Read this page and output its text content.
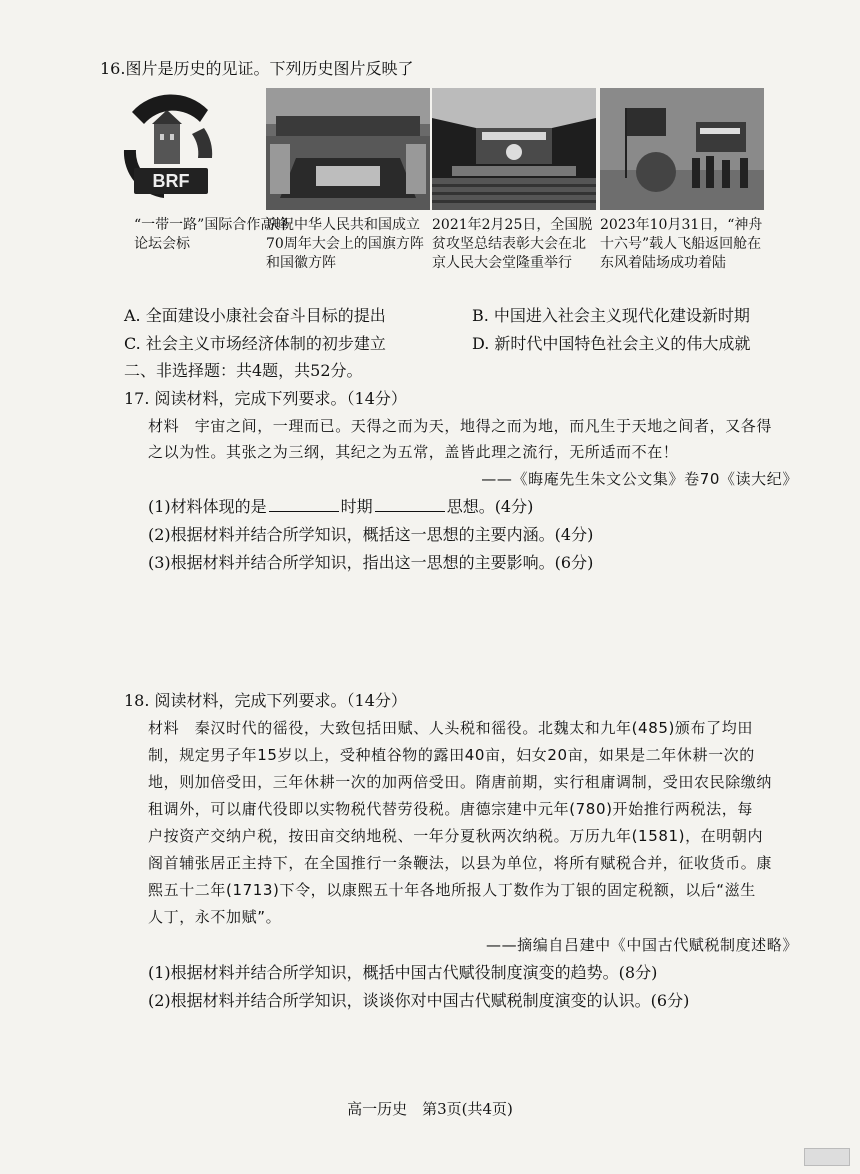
16.图片是历史的见证。下列历史图片反映了
BRF
“一带一路”国际合作高峰论坛会标
庆祝中华人民共和国成立70周年大会上的国旗方阵和国徽方阵
2021年2月25日，全国脱贫攻坚总结表彰大会在北京人民大会堂隆重举行
2023年10月31日，“神舟十六号”载人飞船返回舱在东风着陆场成功着陆
A. 全面建设小康社会奋斗目标的提出	B. 中国进入社会主义现代化建设新时期
C. 社会主义市场经济体制的初步建立	D. 新时代中国特色社会主义的伟大成就
二、非选择题：共4题，共52分。
17. 阅读材料，完成下列要求。（14分）
材料　宇宙之间，一理而已。天得之而为天，地得之而为地，而凡生于天地之间者，又各得
之以为性。其张之为三纲，其纪之为五常，盖皆此理之流行，无所适而不在！
——《晦庵先生朱文公文集》卷70《读大纪》
(1)材料体现的是	时期	思想。(4分)
(2)根据材料并结合所学知识，概括这一思想的主要内涵。(4分)
(3)根据材料并结合所学知识，指出这一思想的主要影响。(6分)
18. 阅读材料，完成下列要求。（14分）
材料　秦汉时代的徭役，大致包括田赋、人头税和徭役。北魏太和九年(485)颁布了均田
制，规定男子年15岁以上，受种植谷物的露田40亩，妇女20亩，如果是二年休耕一次的
地，则加倍受田，三年休耕一次的加两倍受田。隋唐前期，实行租庸调制，受田农民除缴纳
租调外，可以庸代役即以实物税代替劳役税。唐德宗建中元年(780)开始推行两税法，每
户按资产交纳户税，按田亩交纳地税、一年分夏秋两次纳税。万历九年(1581)，在明朝内
阁首辅张居正主持下，在全国推行一条鞭法，以县为单位，将所有赋税合并，征收货币。康
熙五十二年(1713)下令，以康熙五十年各地所报人丁数作为丁银的固定税额，以后“滋生
人丁，永不加赋”。
——摘编自吕建中《中国古代赋税制度述略》
(1)根据材料并结合所学知识，概括中国古代赋役制度演变的趋势。(8分)
(2)根据材料并结合所学知识，谈谈你对中国古代赋税制度演变的认识。(6分)
高一历史　第3页(共4页)
